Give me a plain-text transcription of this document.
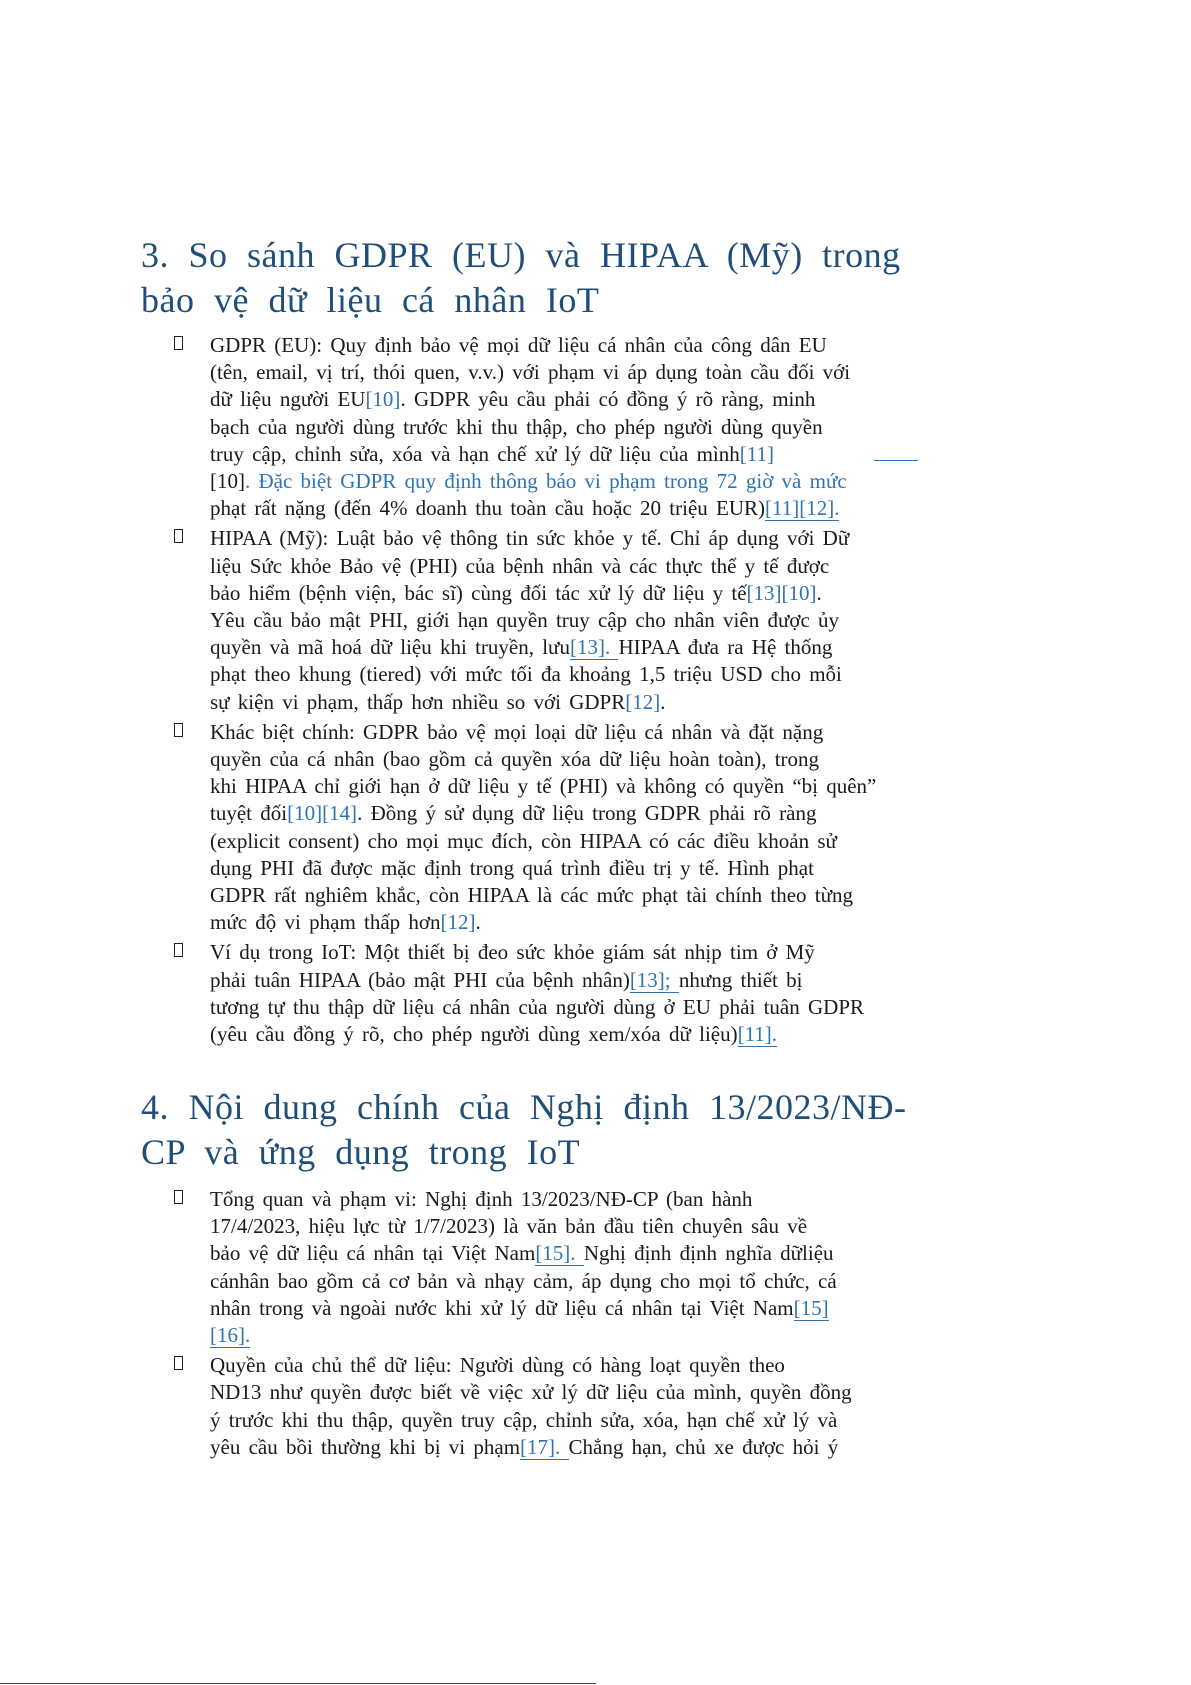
3. So sánh GDPR (EU) và HIPAA (Mỹ) trong
bảo vệ dữ liệu cá nhân IoT
GDPR (EU): Quy định bảo vệ mọi dữ liệu cá nhân của công dân EU
(tên, email, vị trí, thói quen, v.v.) với phạm vi áp dụng toàn cầu đối với
dữ liệu người EU[10]. GDPR yêu cầu phải có đồng ý rõ ràng, minh
bạch của người dùng trước khi thu thập, cho phép người dùng quyền
truy cập, chỉnh sửa, xóa và hạn chế xử lý dữ liệu của mình[11]
[10]. Đặc biệt GDPR quy định thông báo vi phạm trong 72 giờ và mức
phạt rất nặng (đến 4% doanh thu toàn cầu hoặc 20 triệu EUR)[11][12].
HIPAA (Mỹ): Luật bảo vệ thông tin sức khỏe y tế. Chỉ áp dụng với Dữ
liệu Sức khỏe Bảo vệ (PHI) của bệnh nhân và các thực thể y tế được
bảo hiểm (bệnh viện, bác sĩ) cùng đối tác xử lý dữ liệu y tế[13][10].
Yêu cầu bảo mật PHI, giới hạn quyền truy cập cho nhân viên được ủy
quyền và mã hoá dữ liệu khi truyền, lưu[13]. HIPAA đưa ra Hệ thống
phạt theo khung (tiered) với mức tối đa khoảng 1,5 triệu USD cho mỗi
sự kiện vi phạm, thấp hơn nhiều so với GDPR[12].
Khác biệt chính: GDPR bảo vệ mọi loại dữ liệu cá nhân và đặt nặng
quyền của cá nhân (bao gồm cả quyền xóa dữ liệu hoàn toàn), trong
khi HIPAA chỉ giới hạn ở dữ liệu y tế (PHI) và không có quyền “bị quên”
tuyệt đối[10][14]. Đồng ý sử dụng dữ liệu trong GDPR phải rõ ràng
(explicit consent) cho mọi mục đích, còn HIPAA có các điều khoản sử
dụng PHI đã được mặc định trong quá trình điều trị y tế. Hình phạt
GDPR rất nghiêm khắc, còn HIPAA là các mức phạt tài chính theo từng
mức độ vi phạm thấp hơn[12].
Ví dụ trong IoT: Một thiết bị đeo sức khỏe giám sát nhịp tim ở Mỹ
phải tuân HIPAA (bảo mật PHI của bệnh nhân)[13]; nhưng thiết bị
tương tự thu thập dữ liệu cá nhân của người dùng ở EU phải tuân GDPR
(yêu cầu đồng ý rõ, cho phép người dùng xem/xóa dữ liệu)[11].
4. Nội dung chính của Nghị định 13/2023/NĐ-
CP và ứng dụng trong IoT
Tổng quan và phạm vi: Nghị định 13/2023/NĐ-CP (ban hành
17/4/2023, hiệu lực từ 1/7/2023) là văn bản đầu tiên chuyên sâu về
bảo vệ dữ liệu cá nhân tại Việt Nam[15]. Nghị định định nghĩa dữliệu
cánhân bao gồm cả cơ bản và nhạy cảm, áp dụng cho mọi tổ chức, cá
nhân trong và ngoài nước khi xử lý dữ liệu cá nhân tại Việt Nam[15]
[16].
Quyền của chủ thể dữ liệu: Người dùng có hàng loạt quyền theo
ND13 như quyền được biết về việc xử lý dữ liệu của mình, quyền đồng
ý trước khi thu thập, quyền truy cập, chỉnh sửa, xóa, hạn chế xử lý và
yêu cầu bồi thường khi bị vi phạm[17]. Chẳng hạn, chủ xe được hỏi ý
